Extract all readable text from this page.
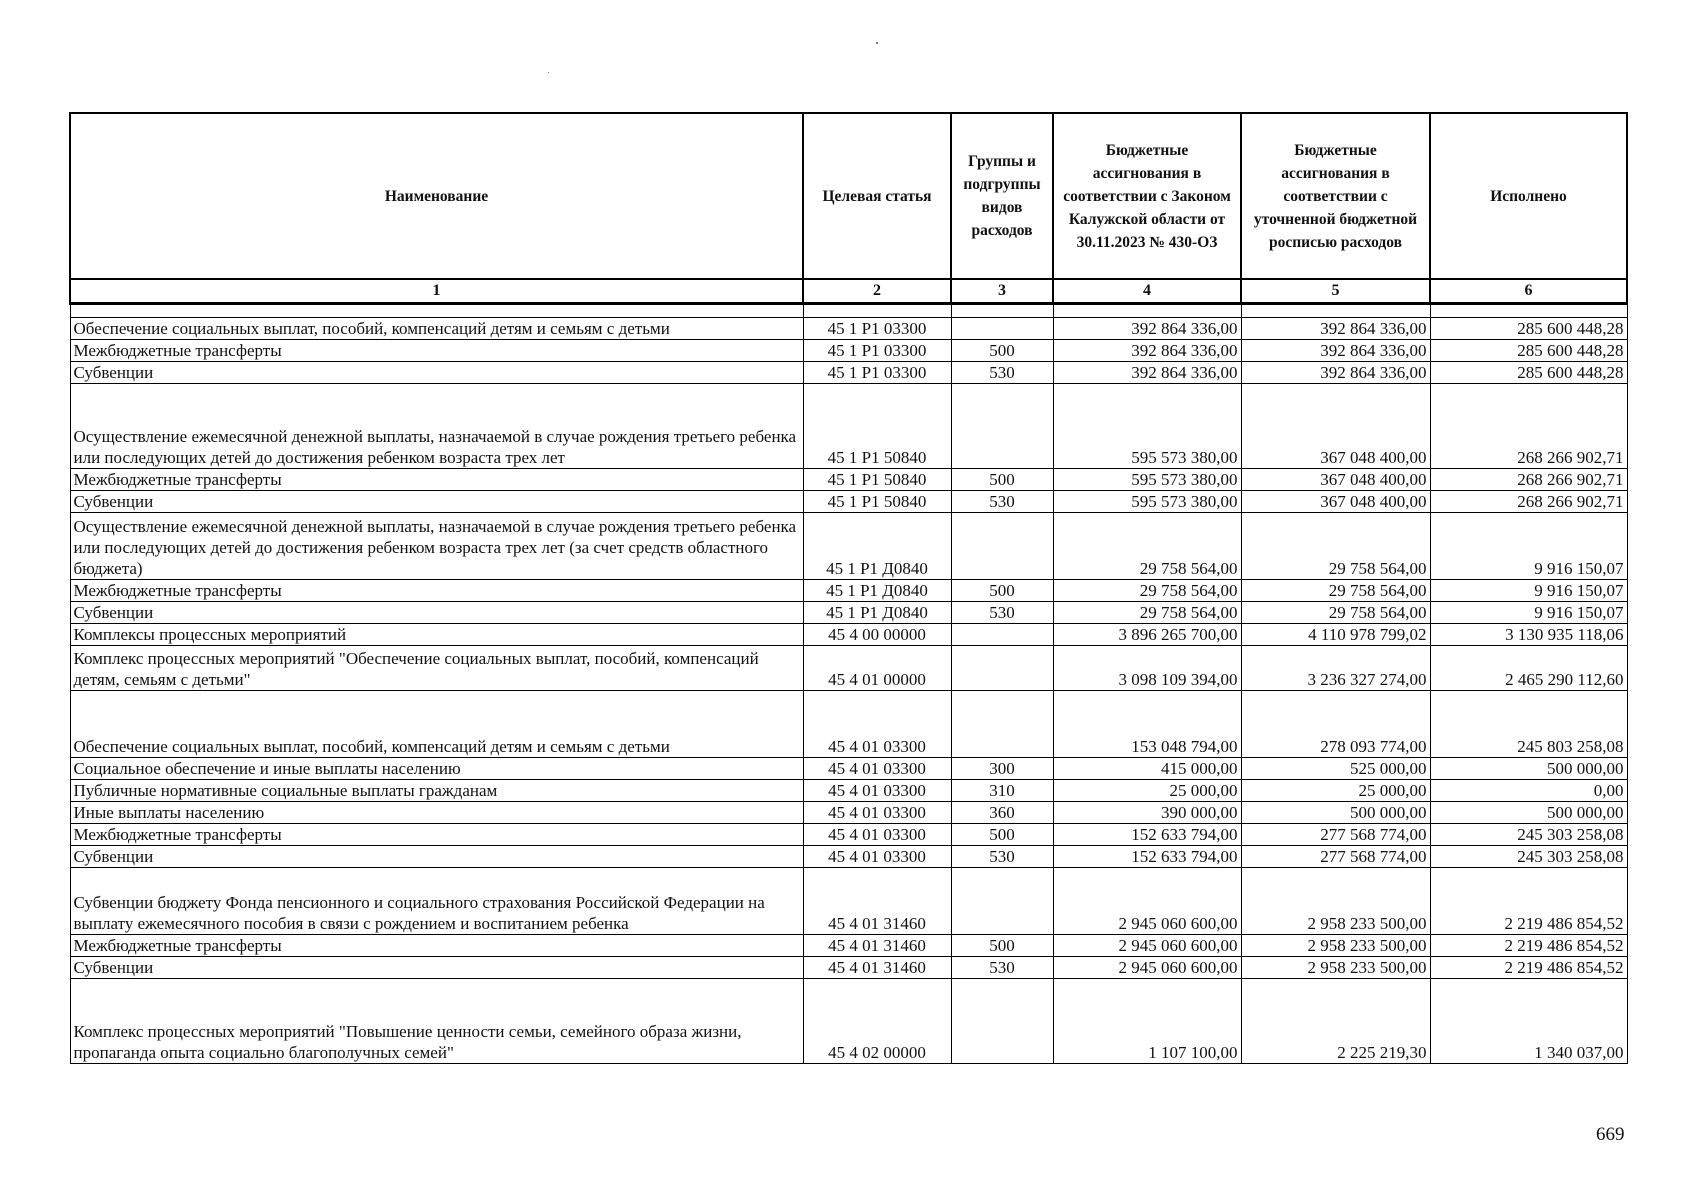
Наименование	Целевая статья	Группы и подгруппы видов расходов	Бюджетные ассигнования в соответствии с Законом Калужской области от 30.11.2023 № 430-ОЗ	Бюджетные ассигнования в соответствии с уточненной бюджетной росписью расходов	Исполнено
1	2	3	4	5	6

Обеспечение социальных выплат, пособий, компенсаций детям и семьям с детьми	45 1 Р1 03300		392 864 336,00	392 864 336,00	285 600 448,28
Межбюджетные трансферты	45 1 Р1 03300	500	392 864 336,00	392 864 336,00	285 600 448,28
Субвенции	45 1 Р1 03300	530	392 864 336,00	392 864 336,00	285 600 448,28
Осуществление ежемесячной денежной выплаты, назначаемой в случае рождения третьего ребенка или последующих детей до достижения ребенком возраста трех лет	45 1 Р1 50840		595 573 380,00	367 048 400,00	268 266 902,71
Межбюджетные трансферты	45 1 Р1 50840	500	595 573 380,00	367 048 400,00	268 266 902,71
Субвенции	45 1 Р1 50840	530	595 573 380,00	367 048 400,00	268 266 902,71
Осуществление ежемесячной денежной выплаты, назначаемой в случае рождения третьего ребенка или последующих детей до достижения ребенком возраста трех лет (за счет средств областного бюджета)	45 1 Р1 Д0840		29 758 564,00	29 758 564,00	9 916 150,07
Межбюджетные трансферты	45 1 Р1 Д0840	500	29 758 564,00	29 758 564,00	9 916 150,07
Субвенции	45 1 Р1 Д0840	530	29 758 564,00	29 758 564,00	9 916 150,07
Комплексы процессных мероприятий	45 4 00 00000		3 896 265 700,00	4 110 978 799,02	3 130 935 118,06
Комплекс процессных мероприятий "Обеспечение социальных выплат, пособий, компенсаций детям, семьям с детьми"	45 4 01 00000		3 098 109 394,00	3 236 327 274,00	2 465 290 112,60
Обеспечение социальных выплат, пособий, компенсаций детям и семьям с детьми	45 4 01 03300		153 048 794,00	278 093 774,00	245 803 258,08
Социальное обеспечение и иные выплаты населению	45 4 01 03300	300	415 000,00	525 000,00	500 000,00
Публичные нормативные социальные выплаты гражданам	45 4 01 03300	310	25 000,00	25 000,00	0,00
Иные выплаты населению	45 4 01 03300	360	390 000,00	500 000,00	500 000,00
Межбюджетные трансферты	45 4 01 03300	500	152 633 794,00	277 568 774,00	245 303 258,08
Субвенции	45 4 01 03300	530	152 633 794,00	277 568 774,00	245 303 258,08
Субвенции бюджету Фонда пенсионного и социального страхования Российской Федерации на выплату ежемесячного пособия в связи с рождением и воспитанием ребенка	45 4 01 31460		2 945 060 600,00	2 958 233 500,00	2 219 486 854,52
Межбюджетные трансферты	45 4 01 31460	500	2 945 060 600,00	2 958 233 500,00	2 219 486 854,52
Субвенции	45 4 01 31460	530	2 945 060 600,00	2 958 233 500,00	2 219 486 854,52
Комплекс процессных мероприятий "Повышение ценности семьи, семейного образа жизни, пропаганда опыта социально благополучных семей"	45 4 02 00000		1 107 100,00	2 225 219,30	1 340 037,00
669
